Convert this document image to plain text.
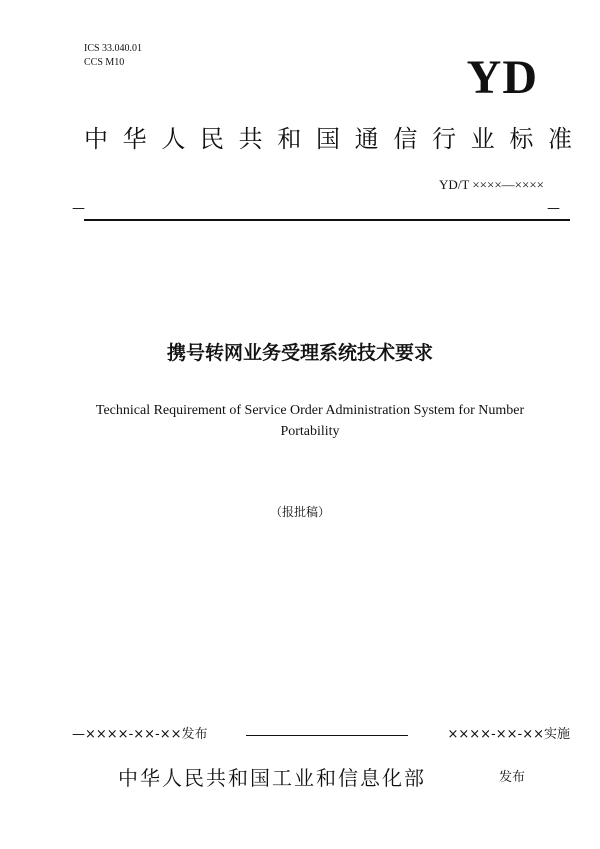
ICS 33.040.01
CCS M10	YD
中华人民共和国通信行业标准
YD/T ××××—××××
—	—
携号转网业务受理系统技术要求
Technical Requirement of Service Order Administration System for Number Portability
（报批稿）
—××××-××-××发布	××××-××-××实施
中华人民共和国工业和信息化部	发布
